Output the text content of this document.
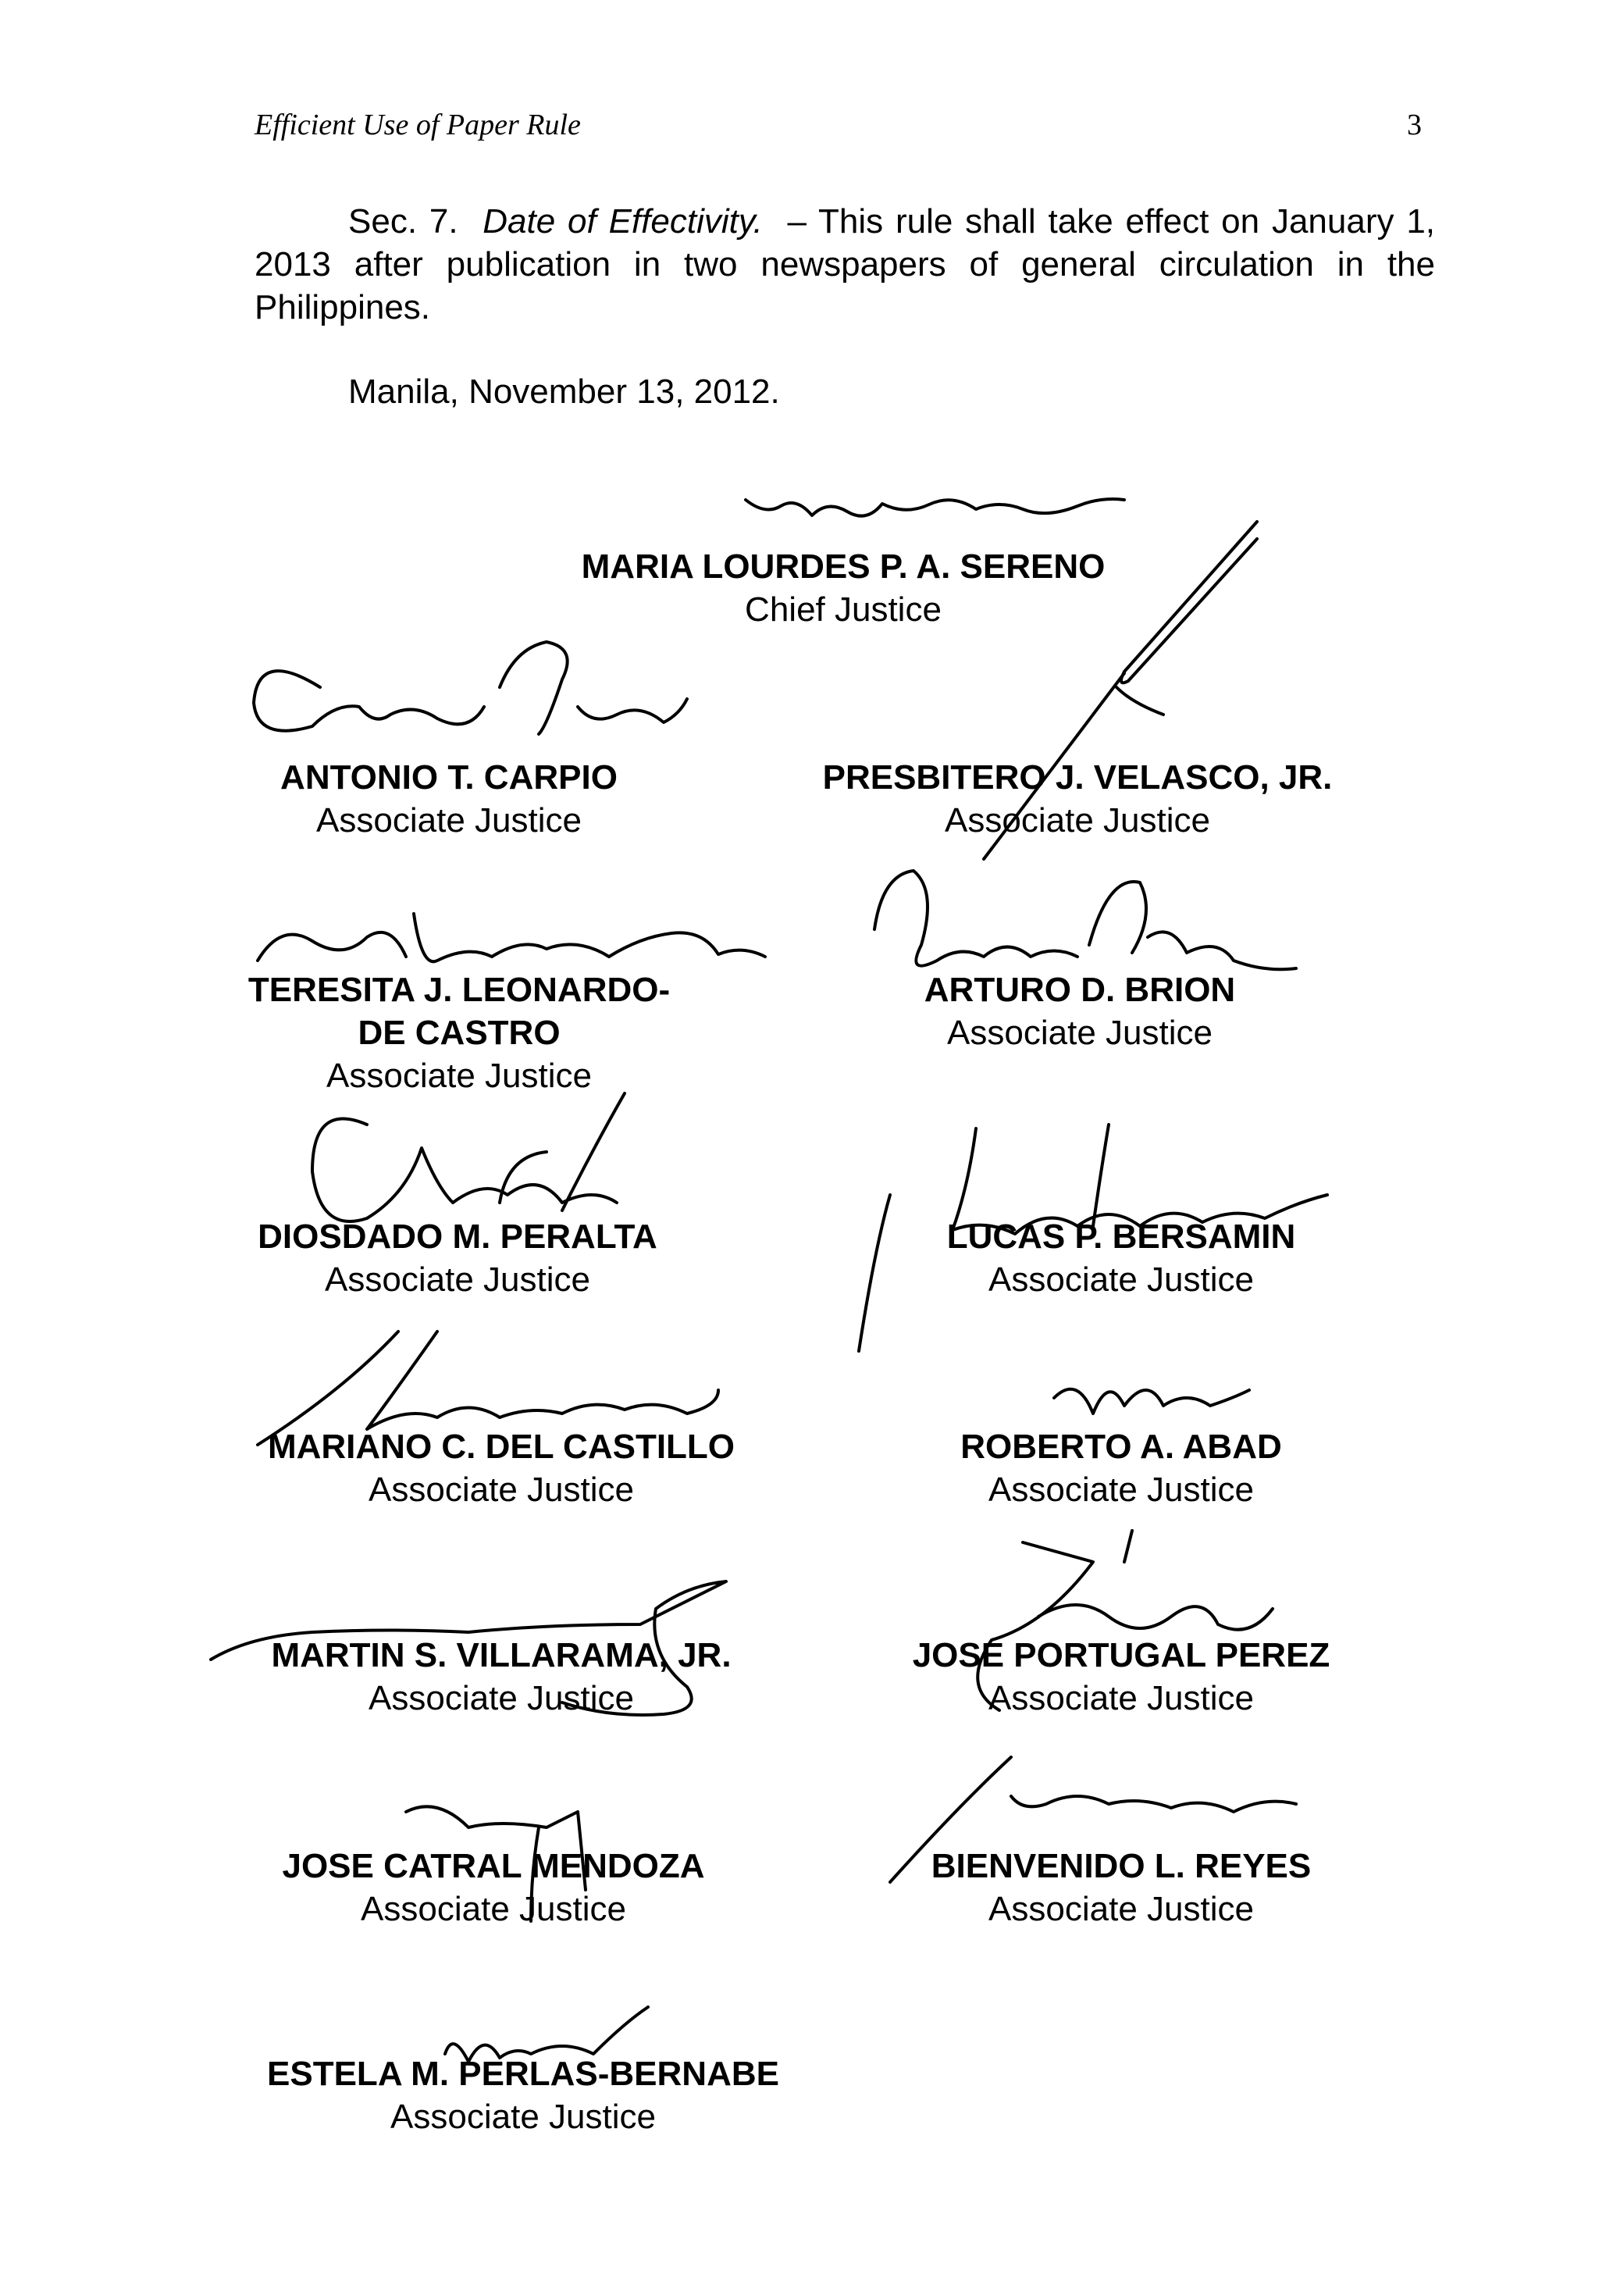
Efficient Use of Paper Rule	3
Sec. 7. Date of Effectivity. – This rule shall take effect on January 1, 2013 after publication in two newspapers of general circulation in the Philippines.
Manila, November 13, 2012.
MARIA LOURDES P. A. SERENO
Chief Justice
ANTONIO T. CARPIO
Associate Justice
PRESBITERO J. VELASCO, JR.
Associate Justice
TERESITA J. LEONARDO-
DE CASTRO
Associate Justice
ARTURO D. BRION
Associate Justice
DIOSDADO M. PERALTA
Associate Justice
LUCAS P. BERSAMIN
Associate Justice
MARIANO C. DEL CASTILLO
Associate Justice
ROBERTO A. ABAD
Associate Justice
MARTIN S. VILLARAMA, JR.
Associate Justice
JOSE PORTUGAL PEREZ
Associate Justice
JOSE CATRAL MENDOZA
Associate Justice
BIENVENIDO L. REYES
Associate Justice
ESTELA M. PERLAS-BERNABE
Associate Justice
